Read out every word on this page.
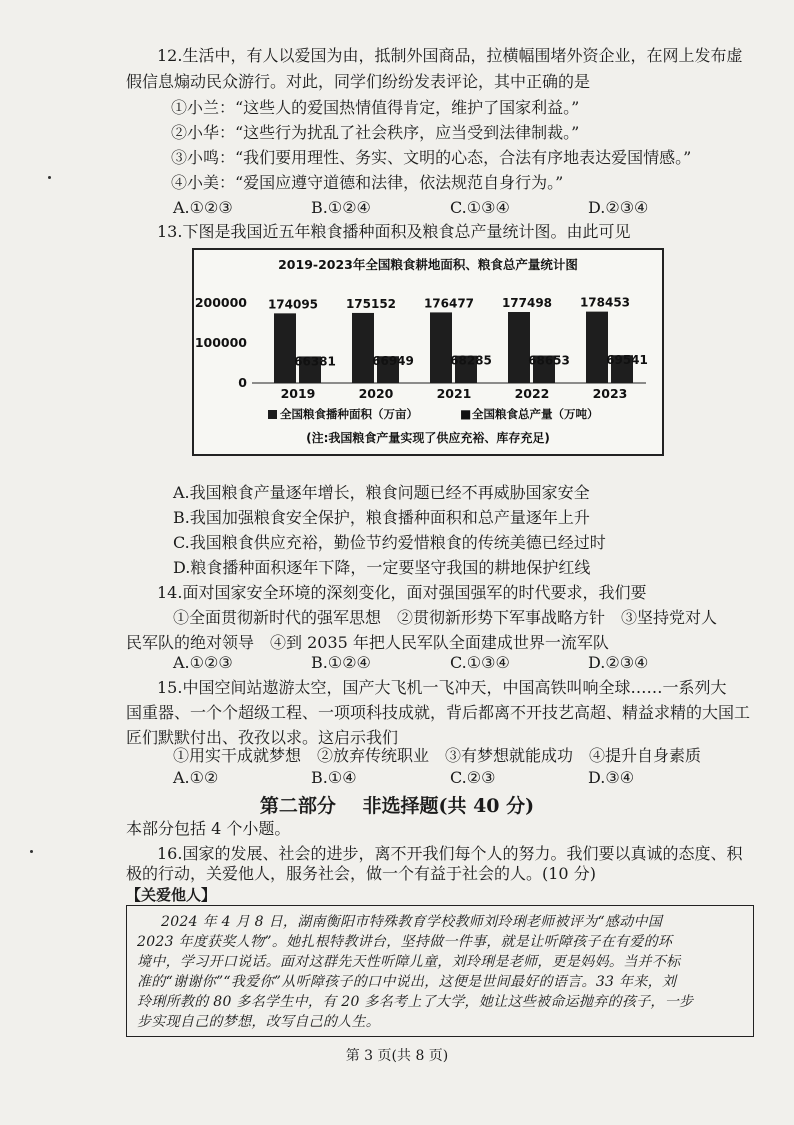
12.生活中，有人以爱国为由，抵制外国商品，拉横幅围堵外资企业，在网上发布虚
假信息煽动民众游行。对此，同学们纷纷发表评论，其中正确的是
①小兰：“这些人的爱国热情值得肯定，维护了国家利益。”
②小华：“这些行为扰乱了社会秩序，应当受到法律制裁。”
③小鸣：“我们要用理性、务实、文明的心态，合法有序地表达爱国情感。”
④小美：“爱国应遵守道德和法律，依法规范自身行为。”
A.①②③	B.①②④	C.①③④	D.②③④
13.下图是我国近五年粮食播种面积及粮食总产量统计图。由此可见
2019-2023年全国粮食耕地面积、粮食总产量统计图
0
100000
200000 174095
66381
175152
66949
176477
68285
177498
68653
178453
69541
2019	2020	2021	2022	2023
全国粮食播种面积（万亩）	■ 全国粮食总产量（万吨）
(注:我国粮食产量实现了供应充裕、库存充足)
A.我国粮食产量逐年增长，粮食问题已经不再威胁国家安全
B.我国加强粮食安全保护，粮食播种面积和总产量逐年上升
C.我国粮食供应充裕，勤俭节约爱惜粮食的传统美德已经过时
D.粮食播种面积逐年下降，一定要坚守我国的耕地保护红线
14.面对国家安全环境的深刻变化，面对强国强军的时代要求，我们要
①全面贯彻新时代的强军思想　②贯彻新形势下军事战略方针　③坚持党对人
民军队的绝对领导　④到 2035 年把人民军队全面建成世界一流军队
A.①②③	B.①②④	C.①③④	D.②③④
15.中国空间站遨游太空，国产大飞机一飞冲天，中国高铁叫响全球……一系列大
国重器、一个个超级工程、一项项科技成就，背后都离不开技艺高超、精益求精的大国工
匠们默默付出、孜孜以求。这启示我们
①用实干成就梦想　②放弃传统职业　③有梦想就能成功　④提升自身素质
A.①②	B.①④	C.②③	D.③④
第二部分 非选择题(共 40 分)
本部分包括 4 个小题。
16.国家的发展、社会的进步，离不开我们每个人的努力。我们要以真诚的态度、积
极的行动，关爱他人，服务社会，做一个有益于社会的人。(10 分)
【关爱他人】
2024 年 4 月 8 日，湖南衡阳市特殊教育学校教师刘玲琍老师被评为“感动中国
2023 年度获奖人物”。她扎根特教讲台，坚持做一件事，就是让听障孩子在有爱的环
境中，学习开口说话。面对这群先天性听障儿童，刘玲琍是老师，更是妈妈。当并不标
准的“谢谢你”“我爱你”从听障孩子的口中说出，这便是世间最好的语言。33 年来，刘
玲琍所教的 80 多名学生中，有 20 多名考上了大学，她让这些被命运抛弃的孩子，一步
步实现自己的梦想，改写自己的人生。
第 3 页(共 8 页)
